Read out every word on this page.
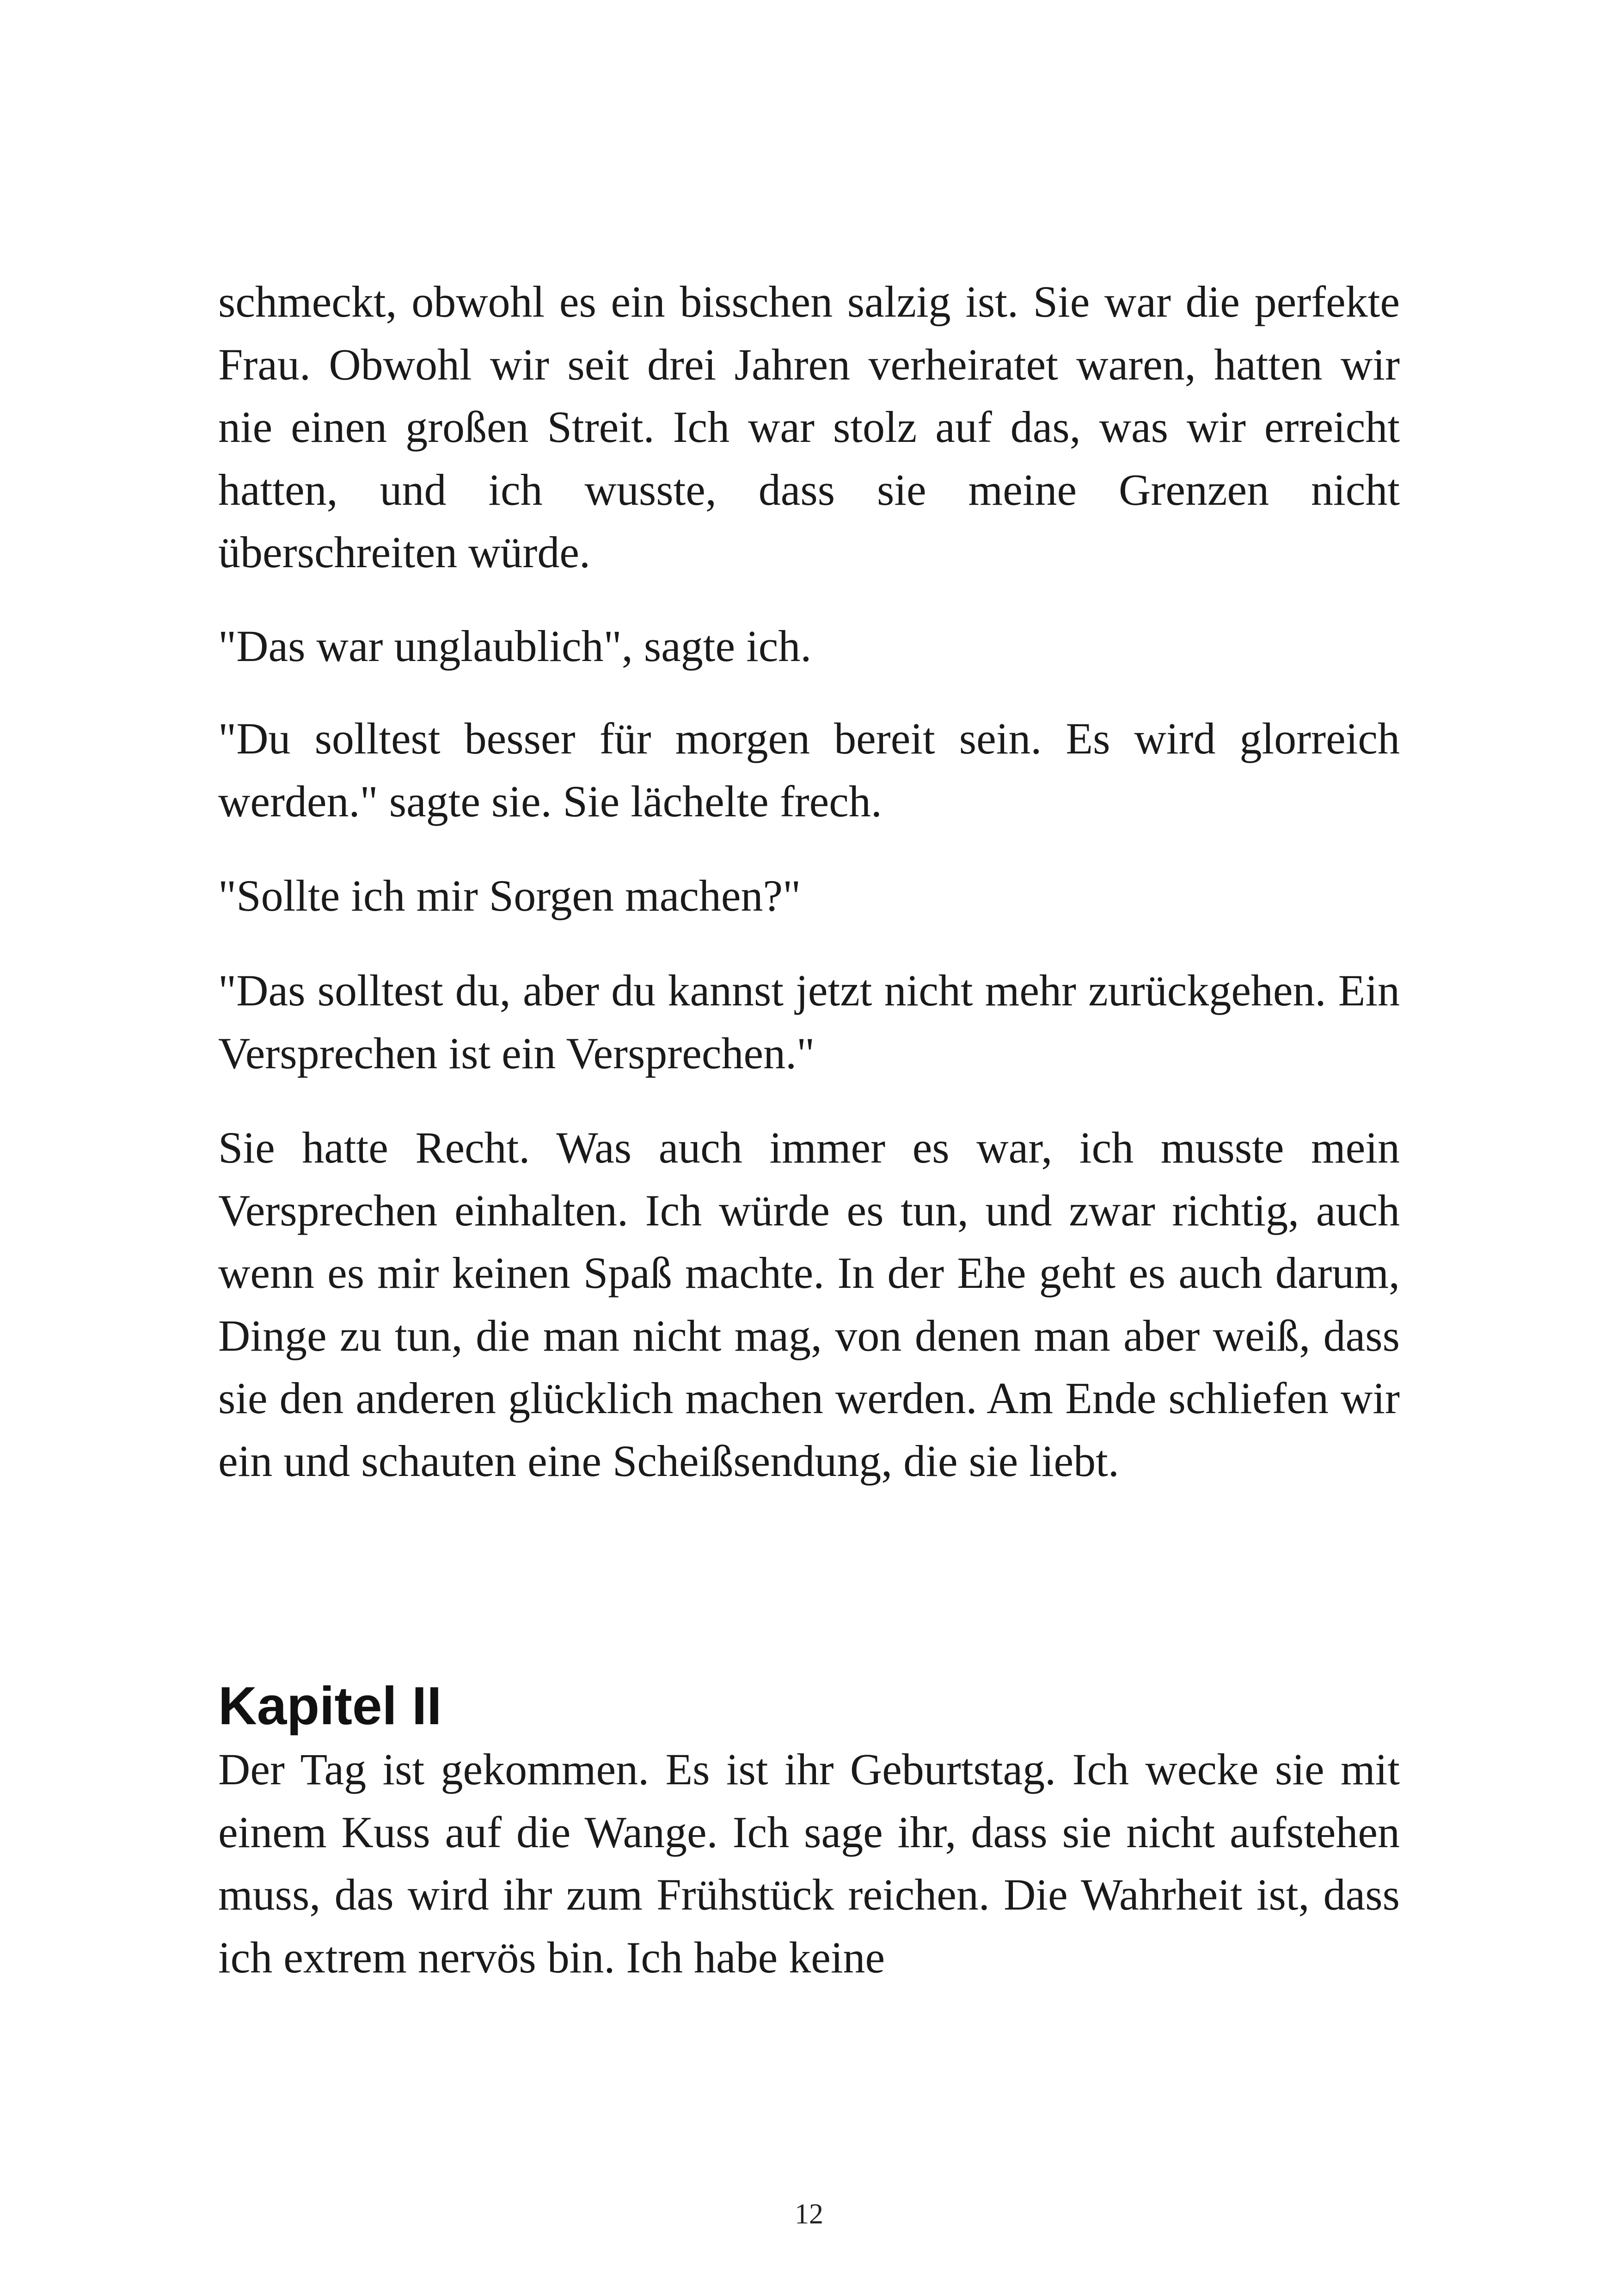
schmeckt, obwohl es ein bisschen salzig ist. Sie war die perfekte Frau. Obwohl wir seit drei Jahren verheiratet waren, hatten wir nie einen großen Streit. Ich war stolz auf das, was wir erreicht hatten, und ich wusste, dass sie meine Grenzen nicht überschreiten würde.

"Das war unglaublich", sagte ich.

"Du solltest besser für morgen bereit sein. Es wird glorreich werden." sagte sie. Sie lächelte frech.

"Sollte ich mir Sorgen machen?"

"Das solltest du, aber du kannst jetzt nicht mehr zurückgehen. Ein Versprechen ist ein Versprechen."

Sie hatte Recht. Was auch immer es war, ich musste mein Versprechen einhalten. Ich würde es tun, und zwar richtig, auch wenn es mir keinen Spaß machte. In der Ehe geht es auch darum, Dinge zu tun, die man nicht mag, von denen man aber weiß, dass sie den anderen glücklich machen werden. Am Ende schliefen wir ein und schauten eine Scheißsendung, die sie liebt.

Kapitel II

Der Tag ist gekommen. Es ist ihr Geburtstag. Ich wecke sie mit einem Kuss auf die Wange. Ich sage ihr, dass sie nicht aufstehen muss, das wird ihr zum Frühstück reichen. Die Wahrheit ist, dass ich extrem nervös bin. Ich habe keine

12
